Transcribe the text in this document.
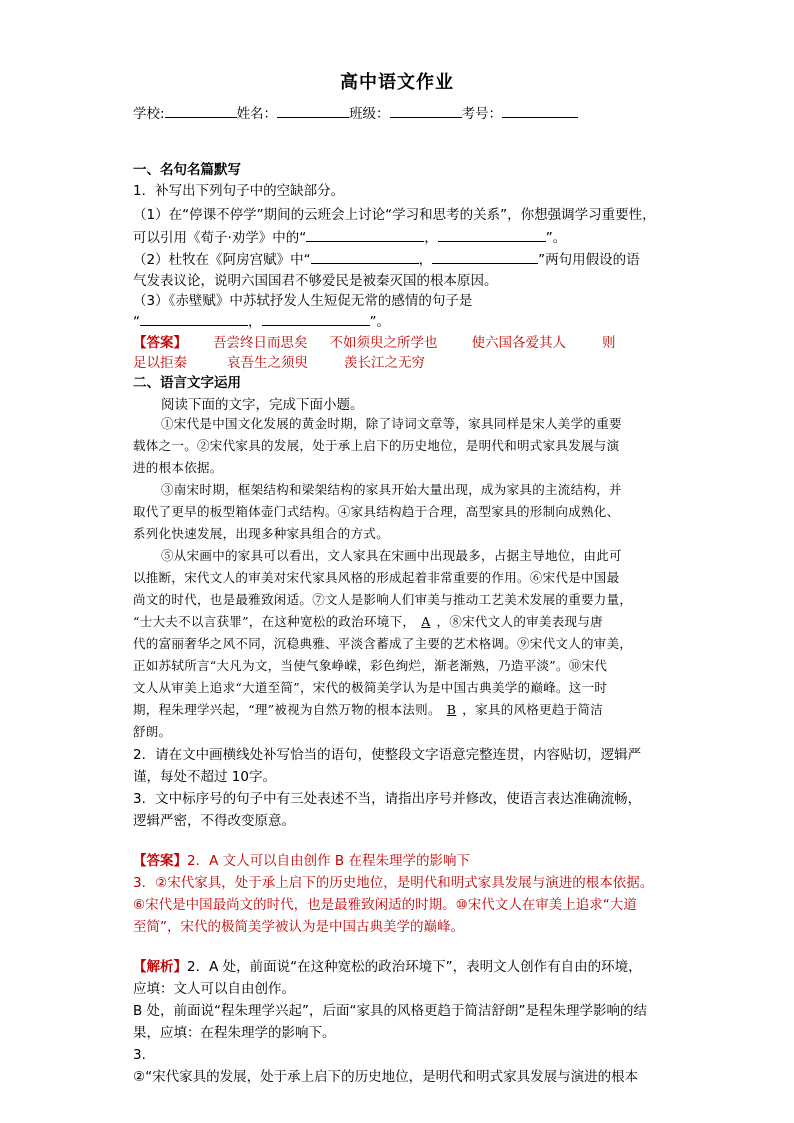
高中语文作业
学校:	姓名：	班级：	考号：
一、名句名篇默写
1．补写出下列句子中的空缺部分。
（1）在“停课不停学”期间的云班会上讨论“学习和思考的关系”，你想强调学习重要性，
可以引用《荀子·劝学》中的“	，	”。
（2）杜牧在《阿房宫赋》中“	，	”两句用假设的语
气发表议论，说明六国国君不够爱民是被秦灭国的根本原因。
（3）《赤壁赋》中苏轼抒发人生短促无常的感情的句子是
“	，	”。
【答案】 吾尝终日而思矣 不如须臾之所学也	使六国各爱其人	则
足以拒秦	哀吾生之须臾	羡长江之无穷
二、语言文字运用
阅读下面的文字，完成下面小题。
①宋代是中国文化发展的黄金时期，除了诗词文章等，家具同样是宋人美学的重要
载体之一。②宋代家具的发展，处于承上启下的历史地位，是明代和明式家具发展与演
进的根本依据。
③南宋时期，框架结构和梁架结构的家具开始大量出现，成为家具的主流结构，并
取代了更早的板型箱体壶门式结构。④家具结构趋于合理，高型家具的形制向成熟化、
系列化快速发展，出现多种家具组合的方式。
⑤从宋画中的家具可以看出，文人家具在宋画中出现最多，占据主导地位，由此可
以推断，宋代文人的审美对宋代家具风格的形成起着非常重要的作用。⑥宋代是中国最
尚文的时代，也是最雅致闲适。⑦文人是影响人们审美与推动工艺美术发展的重要力量，
“士大夫不以言获罪”，在这种宽松的政治环境下， A ，⑧宋代文人的审美表现与唐
代的富丽奢华之风不同，沉稳典雅、平淡含蓄成了主要的艺术格调。⑨宋代文人的审美，
正如苏轼所言“大凡为文，当使气象峥嵘，彩色绚烂，渐老渐熟，乃造平淡”。⑩宋代
文人从审美上追求“大道至简”，宋代的极简美学认为是中国古典美学的巅峰。这一时
期，程朱理学兴起，“理”被视为自然万物的根本法则。 B ，家具的风格更趋于简洁
舒朗。
2．请在文中画横线处补写恰当的语句，使整段文字语意完整连贯，内容贴切，逻辑严
谨，每处不超过 10字。
3．文中标序号的句子中有三处表述不当，请指出序号并修改，使语言表达准确流畅，
逻辑严密，不得改变原意。
【答案】2．A 文人可以自由创作 B 在程朱理学的影响下
3．②宋代家具，处于承上启下的历史地位，是明代和明式家具发展与演进的根本依据。
⑥宋代是中国最尚文的时代，也是最雅致闲适的时期。⑩宋代文人在审美上追求“大道
至简”，宋代的极简美学被认为是中国古典美学的巅峰。
【解析】2．A 处，前面说“在这种宽松的政治环境下”，表明文人创作有自由的环境，
应填：文人可以自由创作。
B 处，前面说“程朱理学兴起”，后面“家具的风格更趋于简洁舒朗”是程朱理学影响的结
果，应填：在程朱理学的影响下。
3．
②“宋代家具的发展，处于承上启下的历史地位，是明代和明式家具发展与演进的根本
